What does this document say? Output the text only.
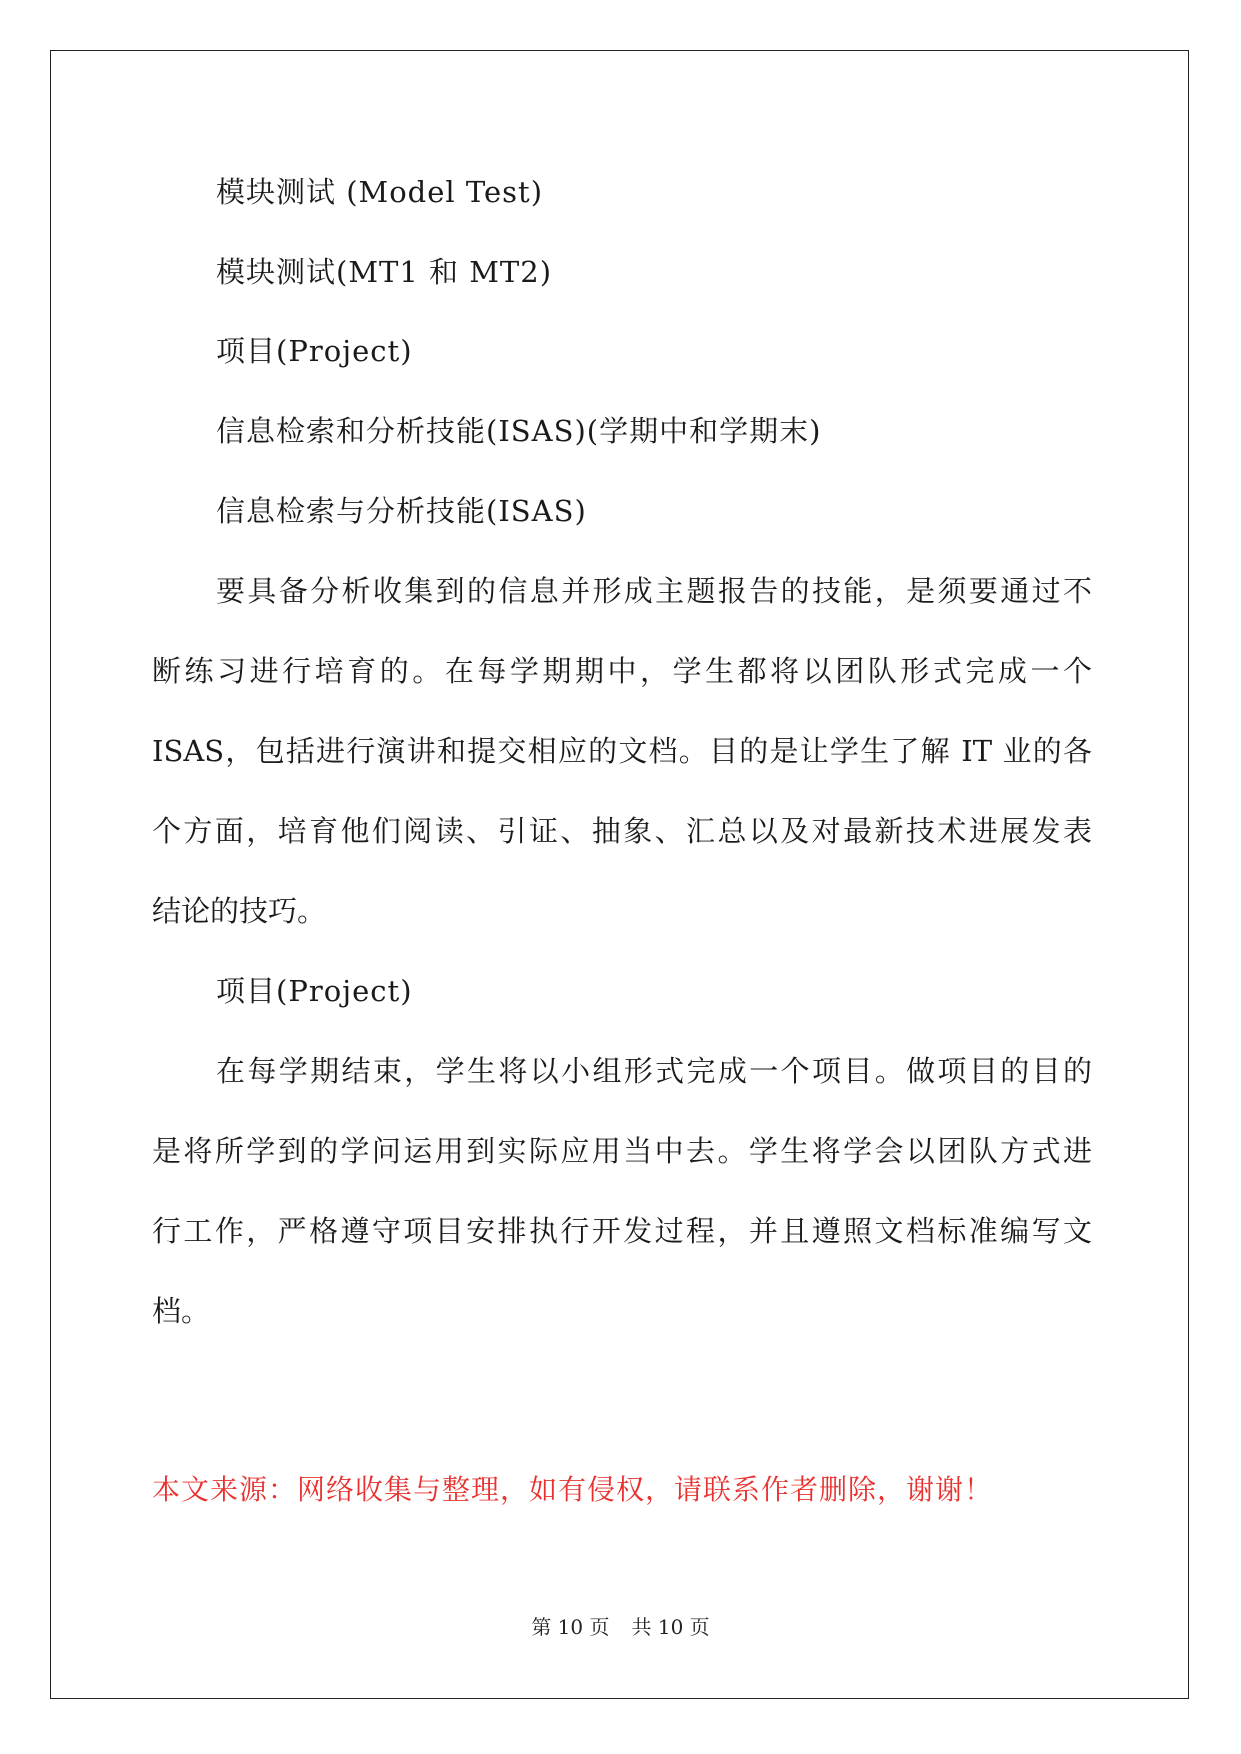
模块测试 (Model Test)
模块测试(MT1 和 MT2)
项目(Project)
信息检索和分析技能(ISAS)(学期中和学期末)
信息检索与分析技能(ISAS)
要具备分析收集到的信息并形成主题报告的技能，是须要通过不
断练习进行培育的。在每学期期中，学生都将以团队形式完成一个
ISAS，包括进行演讲和提交相应的文档。目的是让学生了解 IT 业的各
个方面，培育他们阅读、引证、抽象、汇总以及对最新技术进展发表
结论的技巧。
项目(Project)
在每学期结束，学生将以小组形式完成一个项目。做项目的目的
是将所学到的学问运用到实际应用当中去。学生将学会以团队方式进
行工作，严格遵守项目安排执行开发过程，并且遵照文档标准编写文
档。
本文来源：网络收集与整理，如有侵权，请联系作者删除，谢谢！
第 10 页 共 10 页
